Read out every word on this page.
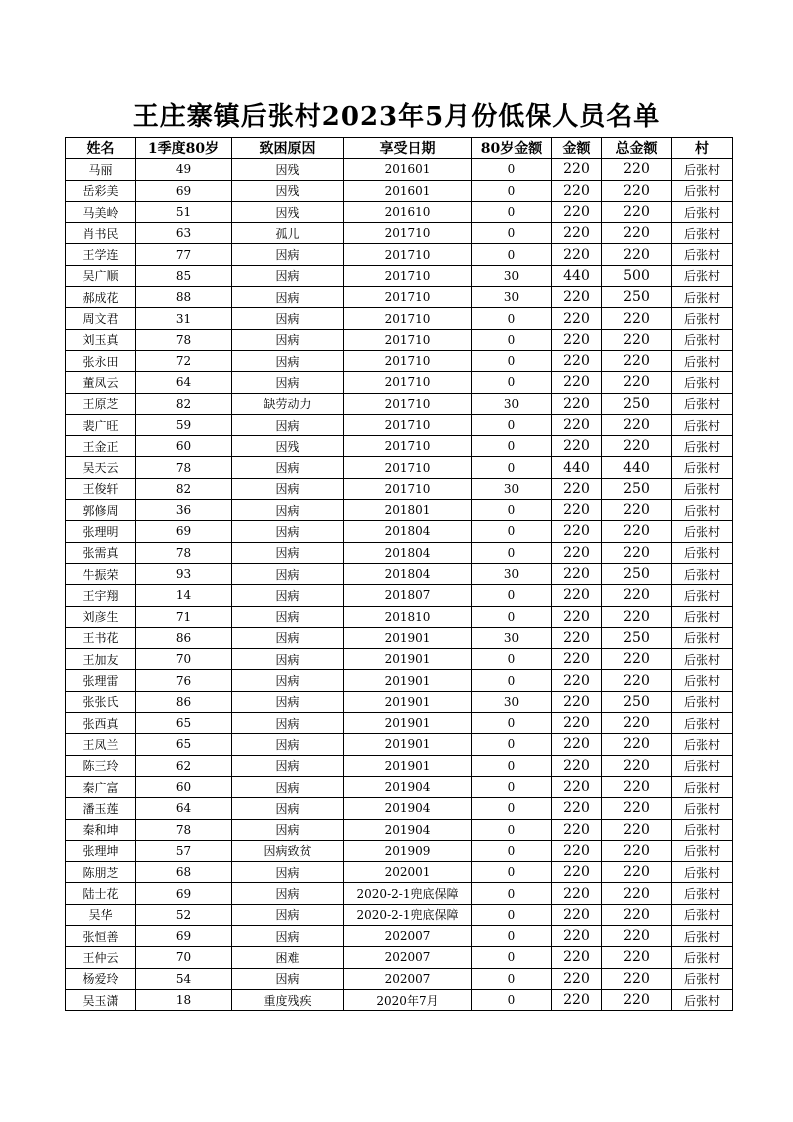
王庄寨镇后张村2023年5月份低保人员名单
姓名	1季度80岁	致困原因	享受日期	80岁金额	金额	总金额	村
马丽	49	因残	201601	0	220	220	后张村
岳彩美	69	因残	201601	0	220	220	后张村
马美岭	51	因残	201610	0	220	220	后张村
肖书民	63	孤儿	201710	0	220	220	后张村
王学连	77	因病	201710	0	220	220	后张村
吴广顺	85	因病	201710	30	440	500	后张村
郝成花	88	因病	201710	30	220	250	后张村
周文君	31	因病	201710	0	220	220	后张村
刘玉真	78	因病	201710	0	220	220	后张村
张永田	72	因病	201710	0	220	220	后张村
董凤云	64	因病	201710	0	220	220	后张村
王原芝	82	缺劳动力	201710	30	220	250	后张村
裴广旺	59	因病	201710	0	220	220	后张村
王金正	60	因残	201710	0	220	220	后张村
吴天云	78	因病	201710	0	440	440	后张村
王俊轩	82	因病	201710	30	220	250	后张村
郭修周	36	因病	201801	0	220	220	后张村
张理明	69	因病	201804	0	220	220	后张村
张需真	78	因病	201804	0	220	220	后张村
牛振荣	93	因病	201804	30	220	250	后张村
王宇翔	14	因病	201807	0	220	220	后张村
刘彦生	71	因病	201810	0	220	220	后张村
王书花	86	因病	201901	30	220	250	后张村
王加友	70	因病	201901	0	220	220	后张村
张理雷	76	因病	201901	0	220	220	后张村
张张氏	86	因病	201901	30	220	250	后张村
张西真	65	因病	201901	0	220	220	后张村
王凤兰	65	因病	201901	0	220	220	后张村
陈三玲	62	因病	201901	0	220	220	后张村
秦广富	60	因病	201904	0	220	220	后张村
潘玉莲	64	因病	201904	0	220	220	后张村
秦和坤	78	因病	201904	0	220	220	后张村
张理坤	57	因病致贫	201909	0	220	220	后张村
陈朋芝	68	因病	202001	0	220	220	后张村
陆士花	69	因病	2020-2-1兜底保障	0	220	220	后张村
吴华	52	因病	2020-2-1兜底保障	0	220	220	后张村
张恒善	69	因病	202007	0	220	220	后张村
王仲云	70	困难	202007	0	220	220	后张村
杨爱玲	54	因病	202007	0	220	220	后张村
吴玉潇	18	重度残疾	2020年7月	0	220	220	后张村
